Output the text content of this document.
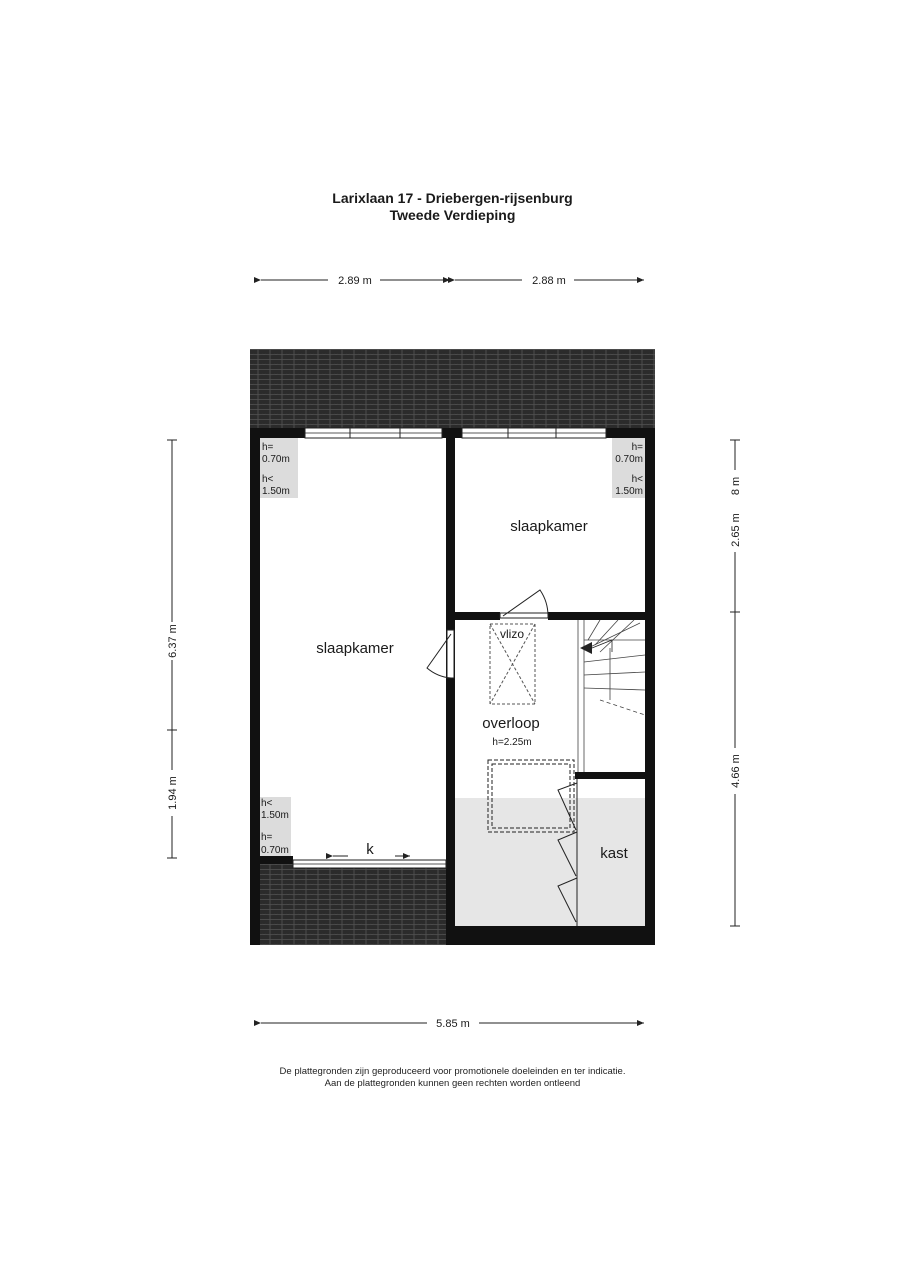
Larixlaan 17 - Driebergen-rijsenburg
Tweede Verdieping
h=
0.70m
h<
1.50m
h=
0.70m
h<
1.50m
h<
1.50m
h=
0.70m
slaapkamer
slaapkamer
overloop
h=2.25m
vlizo
kast
k
2.89 m	2.88 m
6.37 m
1.94 m
2.65 m
8 m
4.66 m
5.85 m
De plattegronden zijn geproduceerd voor promotionele doeleinden en ter indicatie.
Aan de plattegronden kunnen geen rechten worden ontleend
